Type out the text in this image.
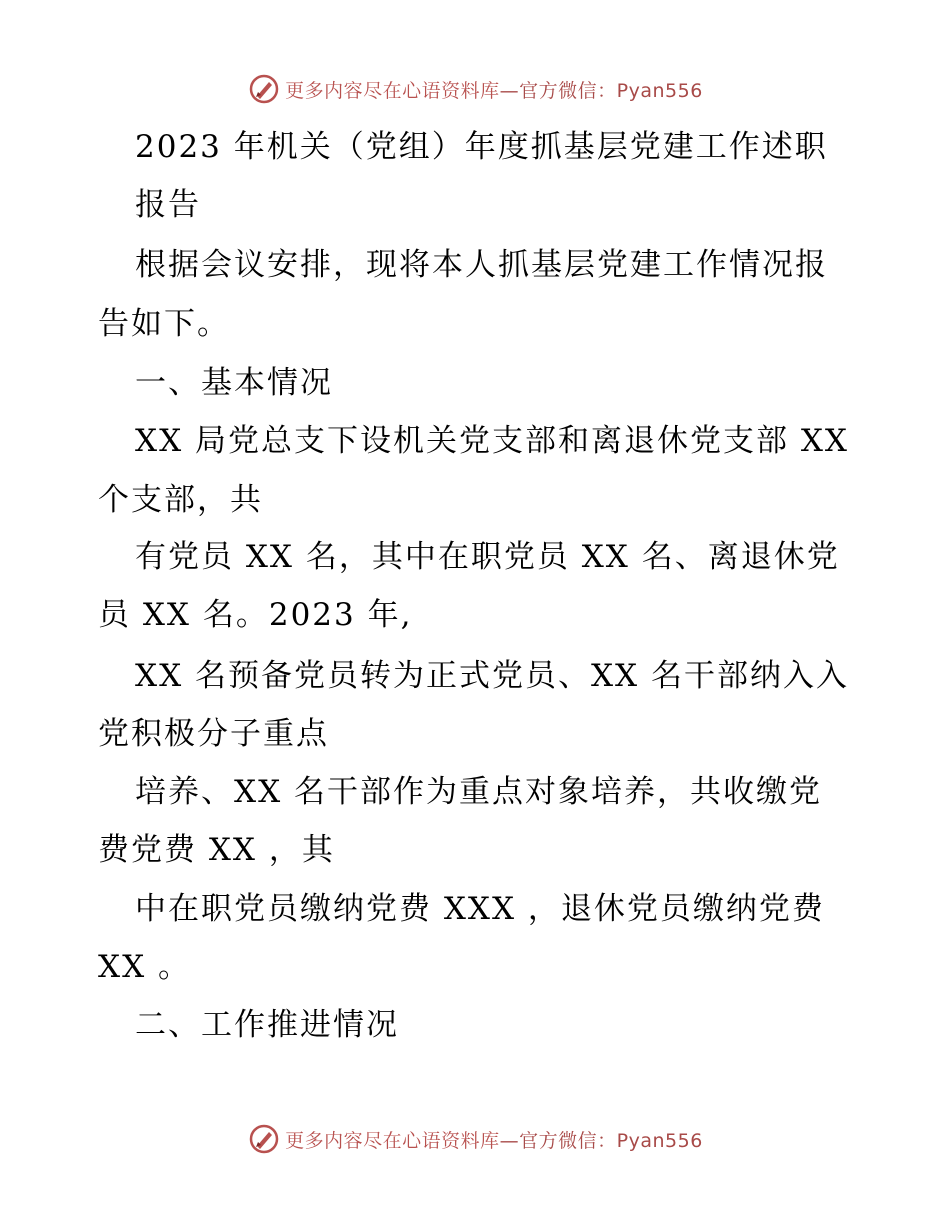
更多内容尽在心语资料库 —官方微信：Pyan556
2023 年机关（党组）年度抓基层党建工作述职
报告
根据会议安排，现将本人抓基层党建工作情况报
告如下。
一、基本情况
XX 局党总支下设机关党支部和离退休党支部 XX
个支部，共
有党员 XX 名，其中在职党员 XX 名、离退休党
员 XX 名。2023 年,
XX 名预备党员转为正式党员、XX 名干部纳入入
党积极分子重点
培养、XX 名干部作为重点对象培养，共收缴党
费党费 XX ，其
中在职党员缴纳党费 XXX ，退休党员缴纳党费
XX 。
二、工作推进情况
更多内容尽在心语资料库 —官方微信：Pyan556
